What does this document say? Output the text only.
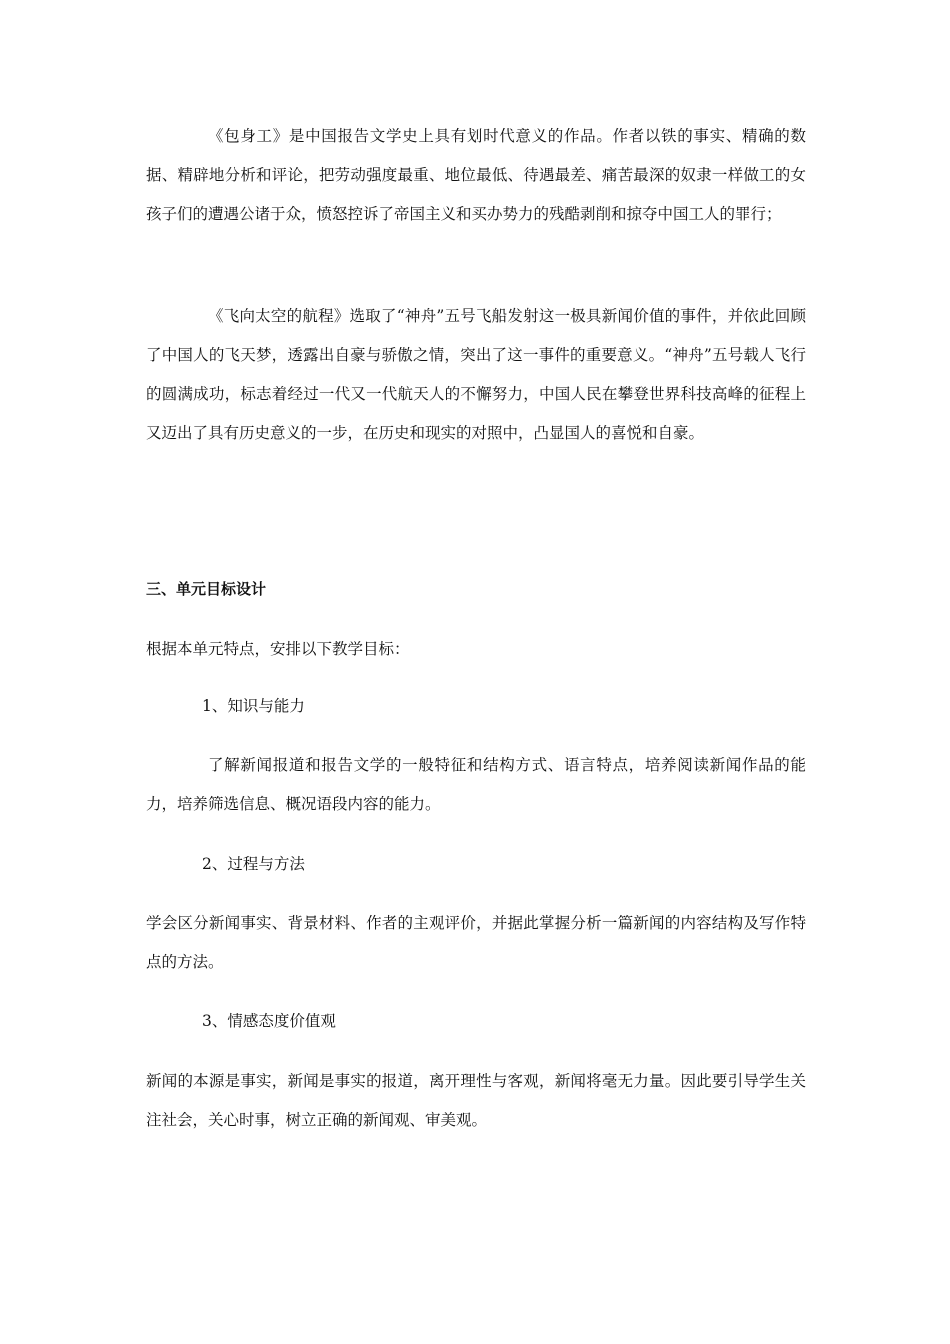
《包身工》是中国报告文学史上具有划时代意义的作品。作者以铁的事实、精确的数据、精辟地分析和评论，把劳动强度最重、地位最低、待遇最差、痛苦最深的奴隶一样做工的女孩子们的遭遇公诸于众，愤怒控诉了帝国主义和买办势力的残酷剥削和掠夺中国工人的罪行；

《飞向太空的航程》选取了“神舟”五号飞船发射这一极具新闻价值的事件，并依此回顾了中国人的飞天梦，透露出自豪与骄傲之情，突出了这一事件的重要意义。“神舟”五号载人飞行的圆满成功，标志着经过一代又一代航天人的不懈努力，中国人民在攀登世界科技高峰的征程上又迈出了具有历史意义的一步，在历史和现实的对照中，凸显国人的喜悦和自豪。

三、单元目标设计

根据本单元特点，安排以下教学目标：

1、知识与能力

了解新闻报道和报告文学的一般特征和结构方式、语言特点，培养阅读新闻作品的能力，培养筛选信息、概况语段内容的能力。

2、过程与方法

学会区分新闻事实、背景材料、作者的主观评价，并据此掌握分析一篇新闻的内容结构及写作特点的方法。

3、情感态度价值观

新闻的本源是事实，新闻是事实的报道，离开理性与客观，新闻将毫无力量。因此要引导学生关注社会，关心时事，树立正确的新闻观、审美观。
